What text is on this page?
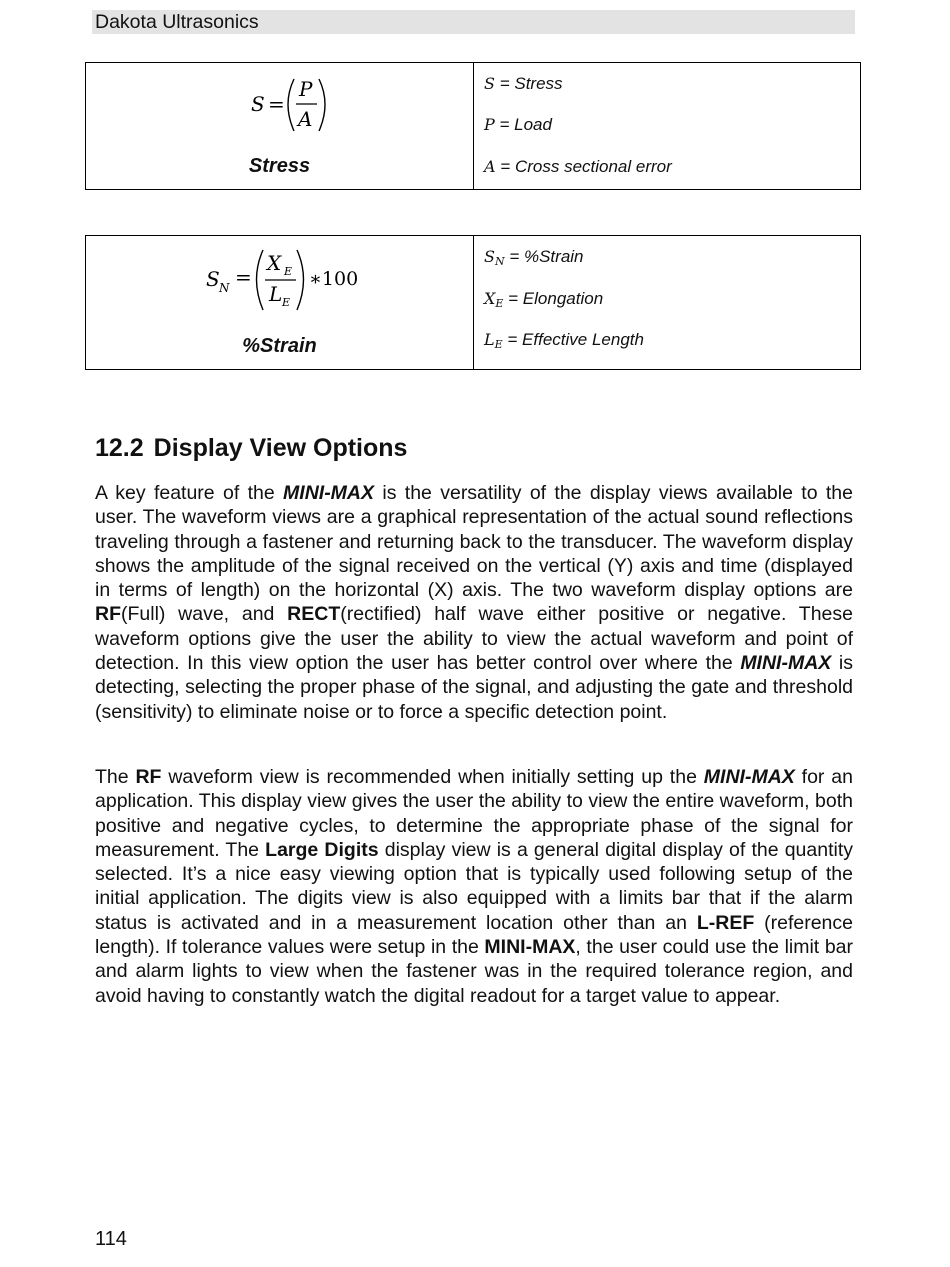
Dakota Ultrasonics
S =
P
A
Stress
S = Stress
P = Load
A = Cross sectional error
S N =
X E
L E
∗100
%Strain
$S_N$ = %Strain
$X_E$ = Elongation
$L_E$ = Effective Length
12.2 Display View Options

A key feature of the MINI-MAX is the versatility of the display views available to the user. The waveform views are a graphical representation of the actual sound reflections traveling through a fastener and returning back to the transducer. The waveform display shows the amplitude of the signal received on the vertical (Y) axis and time (displayed in terms of length) on the horizontal (X) axis. The two waveform display options are RF(Full) wave, and RECT(rectified) half wave either positive or negative. These waveform options give the user the ability to view the actual waveform and point of detection. In this view option the user has better control over where the MINI-MAX is detecting, selecting the proper phase of the signal, and adjusting the gate and threshold (sensitivity) to eliminate noise or to force a specific detection point.

The RF waveform view is recommended when initially setting up the MINI-MAX for an application. This display view gives the user the ability to view the entire waveform, both positive and negative cycles, to determine the appropriate phase of the signal for measurement. The Large Digits display view is a general digital display of the quantity selected. It’s a nice easy viewing option that is typically used following setup of the initial application. The digits view is also equipped with a limits bar that if the alarm status is activated and in a measurement location other than an L-REF (reference length). If tolerance values were setup in the MINI-MAX, the user could use the limit bar and alarm lights to view when the fastener was in the required tolerance region, and avoid having to constantly watch the digital readout for a target value to appear.

114
